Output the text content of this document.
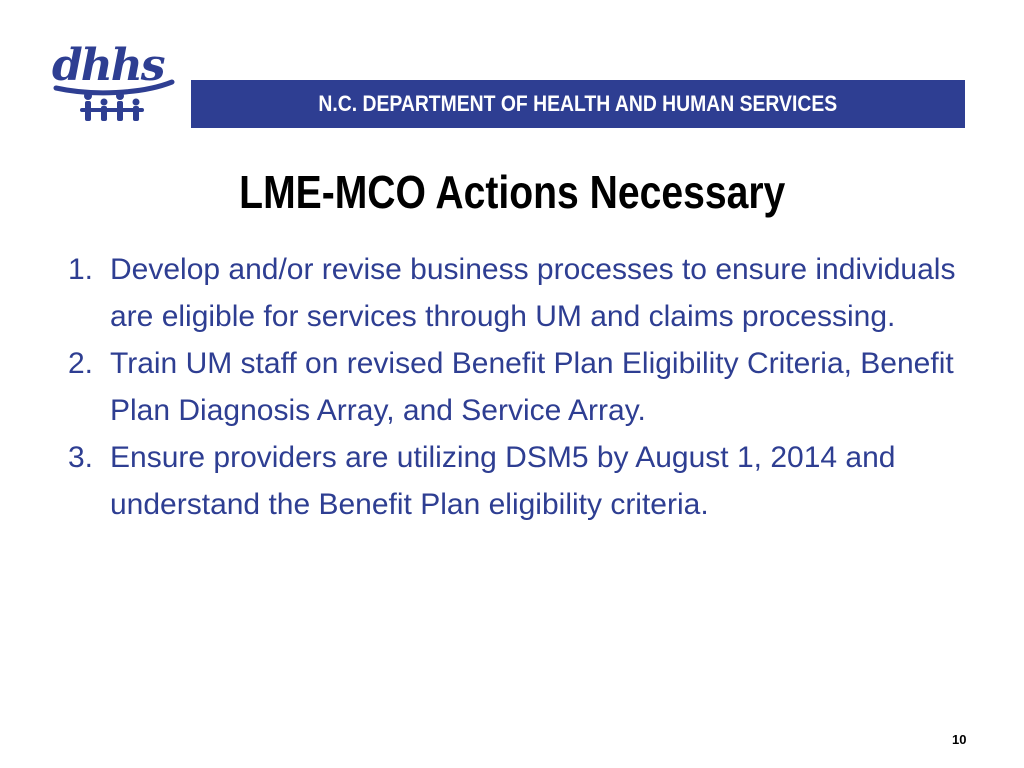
dhhs
N.C. DEPARTMENT OF HEALTH AND HUMAN SERVICES
LME-MCO Actions Necessary
1. Develop and/or revise business processes to ensure individuals are eligible for services through UM and claims processing.
2. Train UM staff on revised Benefit Plan Eligibility Criteria, Benefit Plan Diagnosis Array, and Service Array.
3. Ensure providers are utilizing DSM5 by August 1, 2014 and understand the Benefit Plan eligibility criteria.
10
